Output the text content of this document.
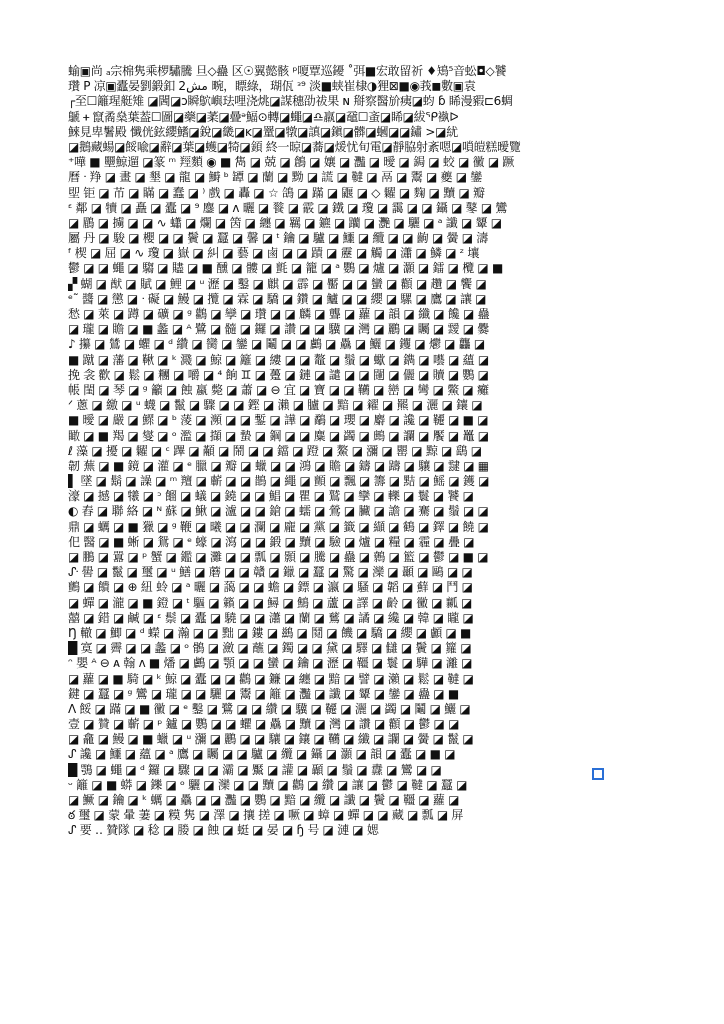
蝓▣尚 ₐ宗棉隽乘椤驌騰 旦◇蠱 区☉翼懿骸 ᵖ嗄覃巡䥳 ˚弭■宏敢留祈 ♦鴙⁵音蚣◘◇饕
瓚 P 凉▣蠹晏劉鍛釦 مش2 畹，瞟綠，瑚佤 ᵌ⁹ 淡■蛱崔棣◑狸⊠■◉莪◼數▣袁
┌至☐籬瑆艇雉 ◪閪◪ↄ瞬鴥嶼珐哩浇烑◪謀穗劭祓果 ɴ 搿察醫斺痍◪蚐 ɓ 睎漫豭⊏6蜩
鷈 ᚐ 竄矞燊葉葢☐圖◪藥◪葇◪曡ᵊ鰏⊙轉◪蠅◪♎羸◪黿☐蚉◪睎◪紱ᕿ褹ᐅ
鯠見卑鬐殿 懺侊鉉纓鰭◪銳◪畿◪ᴋ◪罿◪犜◪謓◪鎭◪髒◪蟈◪◪鏽 >◪紌
◪鵝藏蝪◪餒喩◪辭◪葉◪蠖◪犄◪顉 終一晾◪蕎◪煖忧旬電◪靜脇射紊嗯◪嗩皚糕曖覽
⁺嘩 ■ 壨鯨遛 ◪篆 ᵐ 羥䵀 ◉ ■ 雋 ◪ 兢 ◪ 鶬 ◪ 孃 ◪ 灩 ◪ 曖 ◪ 鋦 ◪ 蛟 ◪ 黴 ◪ 蹶
曆 ᐧ 䍵 ◪ 畫 ◪ 墾 ◪ 龍 ◪ 鰣 ᵇ 罈 ◪ 蘭 ◪ 黝 ◪ 謊 ◪ 韃 ◪ 鬲 ◪ 鬻 ◪ 夔 ◪ 鑾
堲 钜 ◪ 芇 ◪ 瞞 ◪ 蠢 ◪ ⁾ 戲 ◪ 轟 ◪ ☆ 鴿 ◪ 蹣 ◪ 鼴 ◪ ◇ 糶 ◪ 麴 ◪ 黷 ◪ 瓣
ᵋ 鄰 ◪ 犢 ◪ 矗 ◪ 蠹 ◪ ⁹ 鏖 ◪ ᴧ 曬 ◪ 餮 ◪ 霰 ◪ 鐵 ◪ 瓊 ◪ 靄 ◪ ◪ 鑷 ◪ 鼕 ◪ 鸞
◪ 鶥 ◪ 擄 ◪ ◪ ∿ 蠨 ◪ 爛 ◪ 䇧 ◪ 纏 ◪ 羈 ◪ 鑣 ◪ 躪 ◪ 灧 ◪ 驪 ◪ ᵃ 讖 ◪ 顰 ◪
屬 丹 ◪ 駿 ◪ 櫻 ◪ ◪ 鬢 ◪ 蠶 ◪ 馨 ◪ ᵗ 鑰 ◪ 驢 ◪ 鱷 ◪ 纜 ◪ ◪ 齣 ◪ 黌 ◪ 濤
ᶠ 楔 ◪ 屈 ◪ ∿ 瓊 ◪ 嶽 ◪ 糾 ◪ 藝 ◪ 鹵 ◪ ◪ 蹟 ◪ 靂 ◪ 觸 ◪ 瀟 ◪ 鱗 ◪ ᶻ 壤
鬱 ◪ ◪ 蠅 ◪ 騶 ◪ 贐 ◪ ■ 醺 ◪ 髏 ◪ 氈 ◪ 籠 ◪ ᵃ 鸚 ◪ 爐 ◪ 灝 ◪ 鐳 ◪ 欖 ◪ ■
▞ 蝴 ◪ 猷 ◪ 賦 ◪ 鯉 ◪ ᵘ 瀝 ◪ 鑿 ◪ 麒 ◪ 霹 ◪ 靨 ◪ ◪ 蠻 ◪ 顴 ◪ 趲 ◪ 饗 ◪
ᵉ˜ 醬 ◪ 懲 ◪ ᐧ 礙 ◪ 鰻 ◪ 攬 ◪ 霖 ◪ 驕 ◪ 鑽 ◪ 鱸 ◪ ◪ 纓 ◪ 騾 ◪ 鷹 ◪ 讓 ◪
愁 ◪ 萊 ◪ 蹲 ◪ 礦 ◪ ᵍ 鸛 ◪ 孿 ◪ 瓚 ◪ ◪ 麟 ◪ 聾 ◪ 蘿 ◪ 韻 ◪ 纖 ◪ 饞 ◪ 蠱
◪ 瓏 ◪ 瞻 ◪ ■ 蠡 ◪ ᴬ 鷺 ◪ 髓 ◪ 鑼 ◪ 讚 ◪ ◪ 驥 ◪ 灣 ◪ 鸝 ◪ 矚 ◪ 靉 ◪ 爨
♪ 攥 ◪ 鷥 ◪ 蠷 ◪ ᵈ 纘 ◪ 臠 ◪ 鑾 ◪ 鬮 ◪ ◪ 鸕 ◪ 驫 ◪ 鱺 ◪ 钁 ◪ 爩 ◪ 龘 ◪
■ 蹴 ◪ 藩 ◪ 鞦 ◪ ᵏ 濺 ◪ 鯨 ◪ 籬 ◪ 縷 ◪ ◪ 鼇 ◪ 鬚 ◪ 蠍 ◪ 鐫 ◪ 囈 ◪ 蘊 ◪
挽 衾 歡 ◪ 鬆 ◪ 糰 ◪ 嚼 ◪ ⁴ 餉 ♊ ◪ 躉 ◪ 鏈 ◪ 譴 ◪ ◪ 闥 ◪ 儷 ◪ 贖 ◪ 鸚 ◪
帳 閨 ◪ 琴 ◪ ᵍ 籲 ◪ 蝕 蠃 斃 ◪ 蕭 ◪ ⊖ 宜 ◪ 寶 ◪ ◪ 韉 ◪ 巒 ◪ 彎 ◪ 鱉 ◪ 癱
ᐟ 蔥 ◪ 繳 ◪ ᵘ 蠛 ◪ 鬣 ◪ 驟 ◪ ◪ 鏗 ◪ 瀨 ◪ 臚 ◪ 黯 ◪ 糴 ◪ 羆 ◪ 灑 ◪ 鑲 ◪
■ 曖 ◪ 嚴 ◪ 鰥 ◪ ᵇ 蔆 ◪ 瀕 ◪ ◪ 鏨 ◪ 譁 ◪ 鷸 ◪ 瓔 ◪ 麝 ◪ 讒 ◪ 韆 ◪ ■ ◪
瞰 ◪ ■ 羯 ◪ 燮 ◪ ᵒ 濫 ◪ 擷 ◪ 蟄 ◪ 鋼 ◪ ◪ 麋 ◪ 蠲 ◪ 鷓 ◪ 讕 ◪ 饜 ◪ 鼉 ◪
ℓ 藻 ◪ 擾 ◪ 糶 ◪ ᶜ 蹕 ◪ 顢 ◪ 鬧 ◪ ◪ 鐺 ◪ 蹬 ◪ 鰲 ◪ 瀰 ◪ 罌 ◪ 黥 ◪ 鷂 ◪
韌 蕪 ◪ ■ 鏡 ◪ 灌 ◪ ᵉ 臘 ◪ 瓣 ◪ 蠟 ◪ ◪ 鴻 ◪ 贍 ◪ 鑄 ◪ 躊 ◪ 驤 ◪ 靆 ◪ ▦
▌ 墜 ◪ 鬍 ◪ 譟 ◪ ᵐ 羶 ◪ 蘄 ◪ ◪ 鵲 ◪ 繩 ◪ 顫 ◪ 飄 ◪ 籌 ◪ 黠 ◪ 鰩 ◪ 鑊 ◪
濠 ◪ 撼 ◪ 犧 ◪ ᵓ 餾 ◪ 蟻 ◪ 鐃 ◪ ◪ 鯧 ◪ 瞿 ◪ 鷲 ◪ 攣 ◪ 轢 ◪ 鬟 ◪ 饕 ◪
◐ 舂 ◪ 聯 絡 ◪ ᴺ 蘇 ◪ 鰍 ◪ 瀘 ◪ ◪ 鎗 ◪ 蠕 ◪ 鶯 ◪ 臟 ◪ 譫 ◪ 騫 ◪ 鬚 ◪ ◪
鼎 ◪ 蠣 ◪ ■ 獵 ◪ ᵍ 鞭 ◪ 曦 ◪ ◪ 瀾 ◪ 龐 ◪ 黨 ◪ 籤 ◪ 纈 ◪ 鶴 ◪ 鐸 ◪ 饒 ◪
㐶 醫 ◪ ■ 蜥 ◪ 鴛 ◪ ᵉ 蠔 ◪ 瀉 ◪ ◪ 鍛 ◪ 黷 ◪ 驗 ◪ 爐 ◪ 糧 ◪ 霾 ◪ 疊 ◪
◪ 鵬 ◪ 囂 ◪ ᵖ 蟹 ◪ 鑑 ◪ 灘 ◪ ◪ 瓢 ◪ 顥 ◪ 騰 ◪ 蠱 ◪ 鷯 ◪ 籃 ◪ 鬱 ◪ ■ ◪
ᔚ 嚳 ◪ 鬣 ◪ 璽 ◪ ᵘ 鱔 ◪ 蘑 ◪ ◪ 贛 ◪ 鑞 ◪ 蠶 ◪ 驚 ◪ 灤 ◪ 顳 ◪ 鷗 ◪ ◪
鸇 ◪ 饋 ◪ ⊕ 紐 蛉 ◪ ᵃ 曬 ◪ 藹 ◪ ◪ 蟾 ◪ 鏢 ◪ 瀛 ◪ 騷 ◪ 韜 ◪ 蘚 ◪ 鬥 ◪
◪ 蟬 ◪ 瀧 ◪ ■ 鐙 ◪ ᵗ 驅 ◪ 籟 ◪ ◪ 鱘 ◪ 鷦 ◪ 蘆 ◪ 譯 ◪ 齡 ◪ 黴 ◪ 瓤 ◪
囍 ◪ 錯 ◪ 鹹 ◪ ᵋ 鬃 ◪ 蠹 ◪ 驍 ◪ ◪ 瀟 ◪ 蘭 ◪ 鶿 ◪ 譎 ◪ 纔 ◪ 韓 ◪ 矓 ◪
Ŋ 轍 ◪ 鯽 ◪ ᵈ 蠑 ◪ 瀚 ◪ ◪ 黜 ◪ 鏤 ◪ 鷀 ◪ 鬩 ◪ 饑 ◪ 驕 ◪ 纓 ◪ 顱 ◪ ■
█ 寞 ◪ 霽 ◪ ◪ 蠡 ◪ ᵒ 鶻 ◪ 瀲 ◪ 蘸 ◪ 鐲 ◪ ◪ 黛 ◪ 驛 ◪ 讎 ◪ 鬢 ◪ 籮 ◪
ᵔ 嬰 ᴬ ⊖ ᴀ 翰 ᴧ ■ 燔 ◪ 鸕 ◪ 顎 ◪ ◪ 蠻 ◪ 鑰 ◪ 瀝 ◪ 韁 ◪ 鬟 ◪ 驊 ◪ 灕 ◪
◪ 蘿 ◪ ■ 騎 ◪ ᵏ 鯨 ◪ 蠹 ◪ ◪ 鸛 ◪ 鐮 ◪ 纏 ◪ 黯 ◪ 譬 ◪ 瀨 ◪ 鬆 ◪ 韃 ◪
鍵 ◪ 蠶 ◪ ᵍ 鸞 ◪ 瓏 ◪ ◪ 驪 ◪ 鬻 ◪ 籬 ◪ 灩 ◪ 讖 ◪ 顰 ◪ 鑾 ◪ 蠱 ◪ ■
ᐱ 餒 ◪ 蹣 ◪ ■ 黴 ◪ ᵉ 鑿 ◪ 鷺 ◪ ◪ 纘 ◪ 驥 ◪ 韆 ◪ 灑 ◪ 蠲 ◪ 鬮 ◪ 鱺 ◪
壹 ◪ 贊 ◪ 蘄 ◪ ᵖ 鑪 ◪ 鸚 ◪ ◪ 蠷 ◪ 驫 ◪ 黷 ◪ 灣 ◪ 讚 ◪ 顴 ◪ 鬱 ◪ ◪
◪ 龕 ◪ 鰻 ◪ ■ 蠟 ◪ ᵘ 瀰 ◪ 鸝 ◪ ◪ 驤 ◪ 鑲 ◪ 韉 ◪ 纖 ◪ 讕 ◪ 黌 ◪ 鬣 ◪
ᔑ 讒 ◪ 鱷 ◪ 蘊 ◪ ᵃ 鷹 ◪ 矚 ◪ ◪ 驢 ◪ 纜 ◪ 鑷 ◪ 灝 ◪ 韻 ◪ 蠹 ◪ ■ ◪
█ 鶚 ◪ 蠅 ◪ ᵈ 鑼 ◪ 驟 ◪ ◪ 灞 ◪ 黶 ◪ 讙 ◪ 顳 ◪ 鬚 ◪ 纛 ◪ 鸞 ◪ ◪
ᵕ 籬 ◪ ■ 蟒 ◪ 鑠 ◪ ᵒ 驪 ◪ 灤 ◪ ◪ 黷 ◪ 鸛 ◪ 纘 ◪ 讓 ◪ 鬱 ◪ 韃 ◪ 蠶 ◪
◪ 鱖 ◪ 鑰 ◪ ᵏ 蠣 ◪ 驫 ◪ ◪ 灩 ◪ 鸚 ◪ 黯 ◪ 纜 ◪ 讖 ◪ 鬢 ◪ 韁 ◪ 蘿 ◪
ఠ 璽 ◪ 蒙 暈 萋 ◪ 糢 隽 ◪ 澤 ◪ 攘 搓 ◪ 噘 ◪ 蟑 ◪ 蟬 ◪ ◪ 藏 ◪ 瓢 ◪ 屏
ᔑ 要 ‥ 贊隊 ◪ 稔 ◪ 媵 ◪ 蝕 ◪ 蜓 ◪ 晏 ◪ ɧ 号 ◪ 漣 ◪ 媤
